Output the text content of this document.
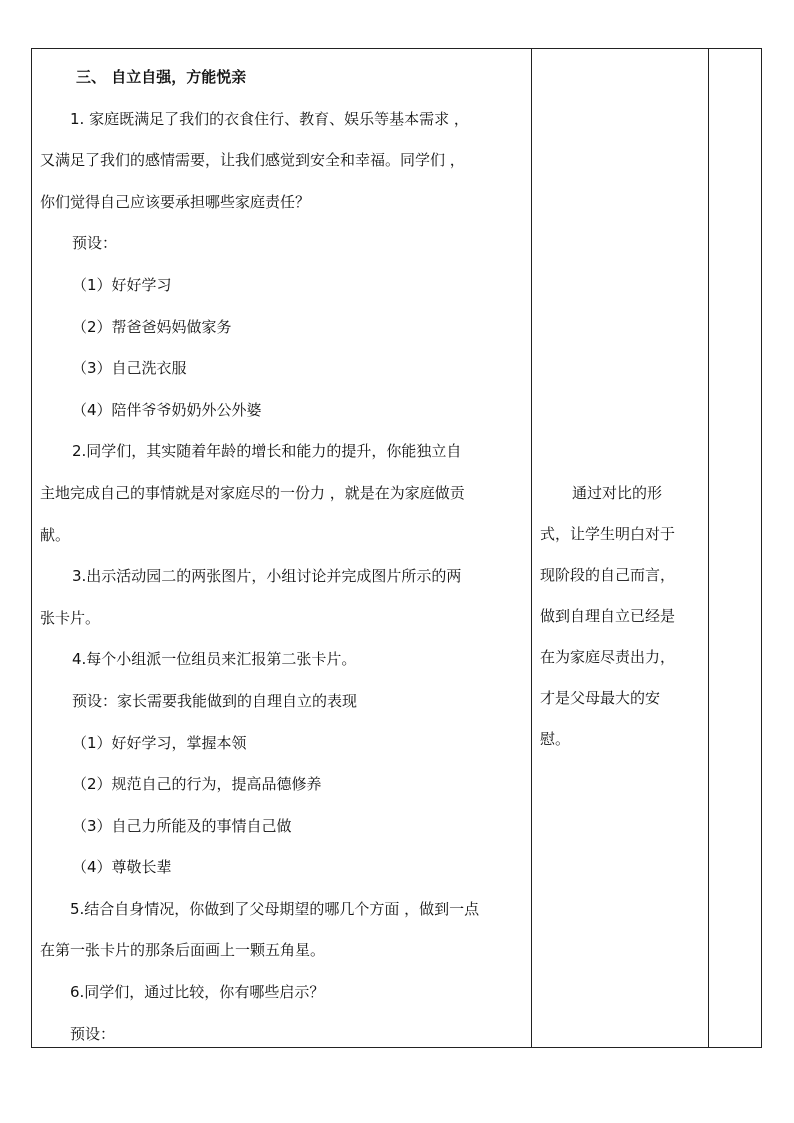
三、 自立自强，方能悦亲

1. 家庭既满足了我们的衣食住行、教育、娱乐等基本需求 ，

又满足了我们的感情需要，让我们感觉到安全和幸福。同学们 ，

你们觉得自己应该要承担哪些家庭责任？

预设：

（1）好好学习

（2）帮爸爸妈妈做家务

（3）自己洗衣服

（4）陪伴爷爷奶奶外公外婆

2.同学们，其实随着年龄的增长和能力的提升，你能独立自

主地完成自己的事情就是对家庭尽的一份力 ，就是在为家庭做贡

献。

3.出示活动园二的两张图片，小组讨论并完成图片所示的两

张卡片。

4.每个小组派一位组员来汇报第二张卡片。

预设：家长需要我能做到的自理自立的表现

（1）好好学习，掌握本领

（2）规范自己的行为，提高品德修养

（3）自己力所能及的事情自己做

（4）尊敬长辈

5.结合自身情况，你做到了父母期望的哪几个方面 ，做到一点

在第一张卡片的那条后面画上一颗五角星。

6.同学们，通过比较，你有哪些启示？

预设：

通过对比的形

式，让学生明白对于

现阶段的自己而言，

做到自理自立已经是

在为家庭尽责出力，

才是父母最大的安

慰。
